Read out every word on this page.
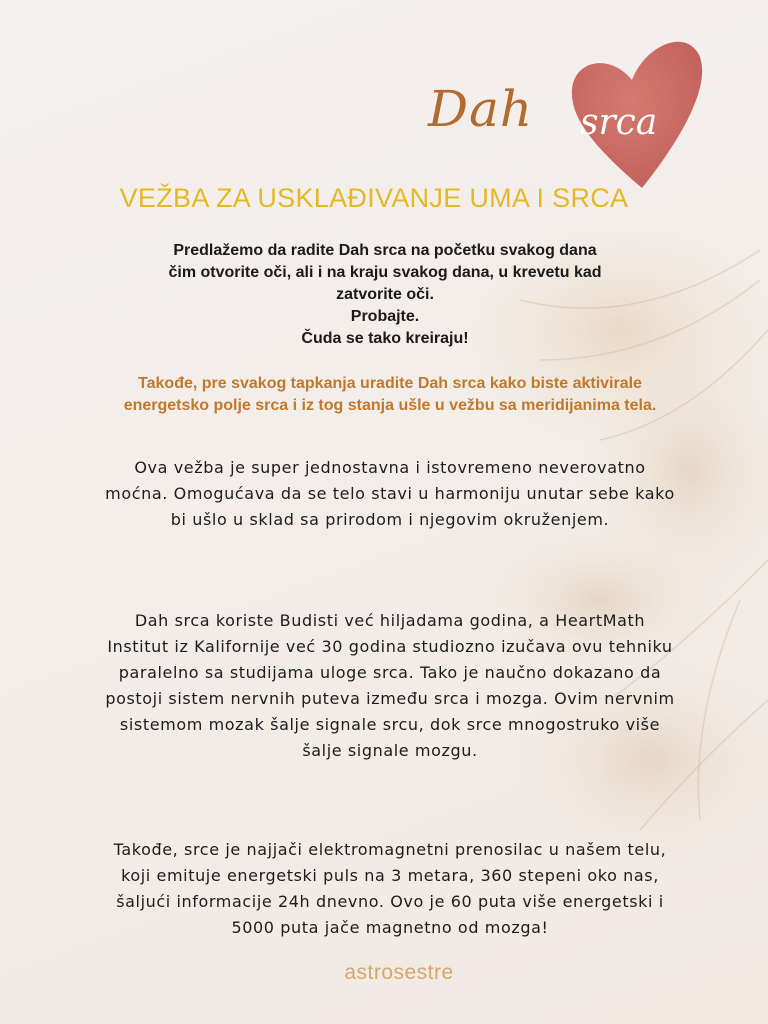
Dah srca
VEŽBA ZA USKLAĐIVANJE UMA I SRCA
Predlažemo da radite Dah srca na početku svakog dana
čim otvorite oči, ali i na kraju svakog dana, u krevetu kad
zatvorite oči.
Probajte.
Čuda se tako kreiraju!

Takođe, pre svakog tapkanja uradite Dah srca kako biste aktivirale energetsko polje srca i iz tog stanja ušle u vežbu sa meridijanima tela.

Ova vežba je super jednostavna i istovremeno neverovatno moćna. Omogućava da se telo stavi u harmoniju unutar sebe kako bi ušlo u sklad sa prirodom i njegovim okruženjem.

Dah srca koriste Budisti već hiljadama godina, a HeartMath Institut iz Kalifornije već 30 godina studiozno izučava ovu tehniku paralelno sa studijama uloge srca. Tako je naučno dokazano da postoji sistem nervnih puteva između srca i mozga. Ovim nervnim sistemom mozak šalje signale srcu, dok srce mnogostruko više šalje signale mozgu.

Takođe, srce je najjači elektromagnetni prenosilac u našem telu, koji emituje energetski puls na 3 metara, 360 stepeni oko nas, šaljući informacije 24h dnevno. Ovo je 60 puta više energetski i 5000 puta jače magnetno od mozga!

astrosestre
